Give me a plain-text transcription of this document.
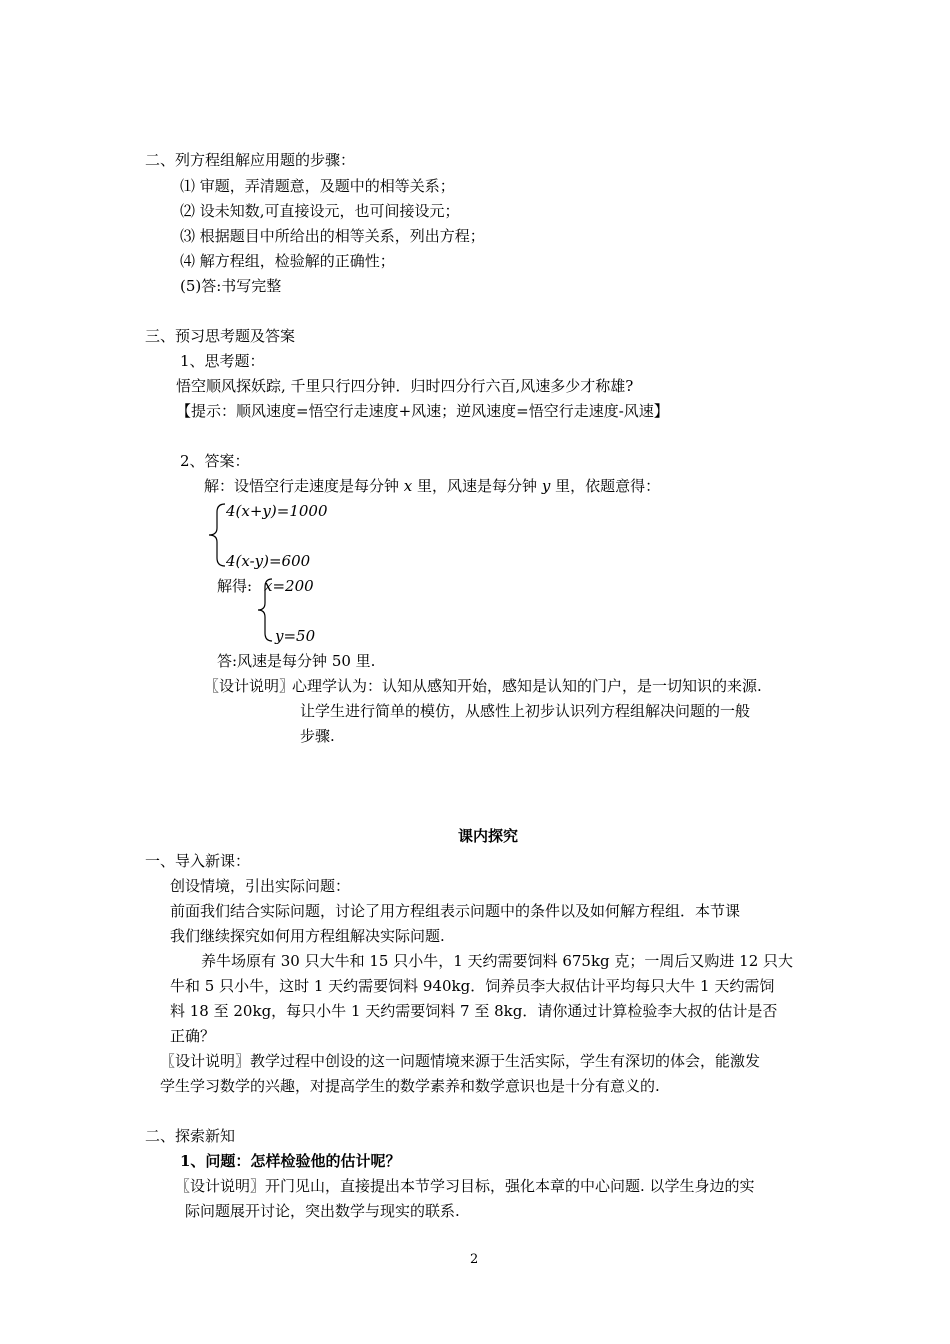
二、列方程组解应用题的步骤：
⑴ 审题，弄清题意，及题中的相等关系；
⑵ 设未知数,可直接设元，也可间接设元；
⑶ 根据题目中所给出的相等关系，列出方程；
⑷ 解方程组，检验解的正确性；
(5)答:书写完整
三、预习思考题及答案
1、思考题：
悟空顺风探妖踪, 千里只行四分钟．归时四分行六百,风速多少才称雄?
【提示：顺风速度=悟空行走速度+风速；逆风速度=悟空行走速度-风速】
2、答案：
解：设悟空行走速度是每分钟 x 里，风速是每分钟 y 里，依题意得：
4(x+y)=1000
4(x-y)=600
解得: x=200
y=50
答:风速是每分钟 50 里.
〖设计说明〗
心理学认为：认知从感知开始，感知是认知的门户，是一切知识的来源.
让学生进行简单的模仿，从感性上初步认识列方程组解决问题的一般
步骤.
课内探究
一、导入新课：
创设情境，引出实际问题：
前面我们结合实际问题，讨论了用方程组表示问题中的条件以及如何解方程组．本节课
我们继续探究如何用方程组解决实际问题.
养牛场原有 30 只大牛和 15 只小牛，1 天约需要饲料 675kg 克；一周后又购进 12 只大
牛和 5 只小牛，这时 1 天约需要饲料 940kg．饲养员李大叔估计平均每只大牛 1 天约需饲
料 18 至 20kg，每只小牛 1 天约需要饲料 7 至 8kg．请你通过计算检验李大叔的估计是否
正确？
〖设计说明〗教学过程中创设的这一问题情境来源于生活实际，学生有深切的体会，能激发
学生学习数学的兴趣，对提高学生的数学素养和数学意识也是十分有意义的.
二、探索新知
1、问题：怎样检验他的估计呢？
〖设计说明〗开门见山，直接提出本节学习目标，强化本章的中心问题. 以学生身边的实
际问题展开讨论，突出数学与现实的联系.
2
